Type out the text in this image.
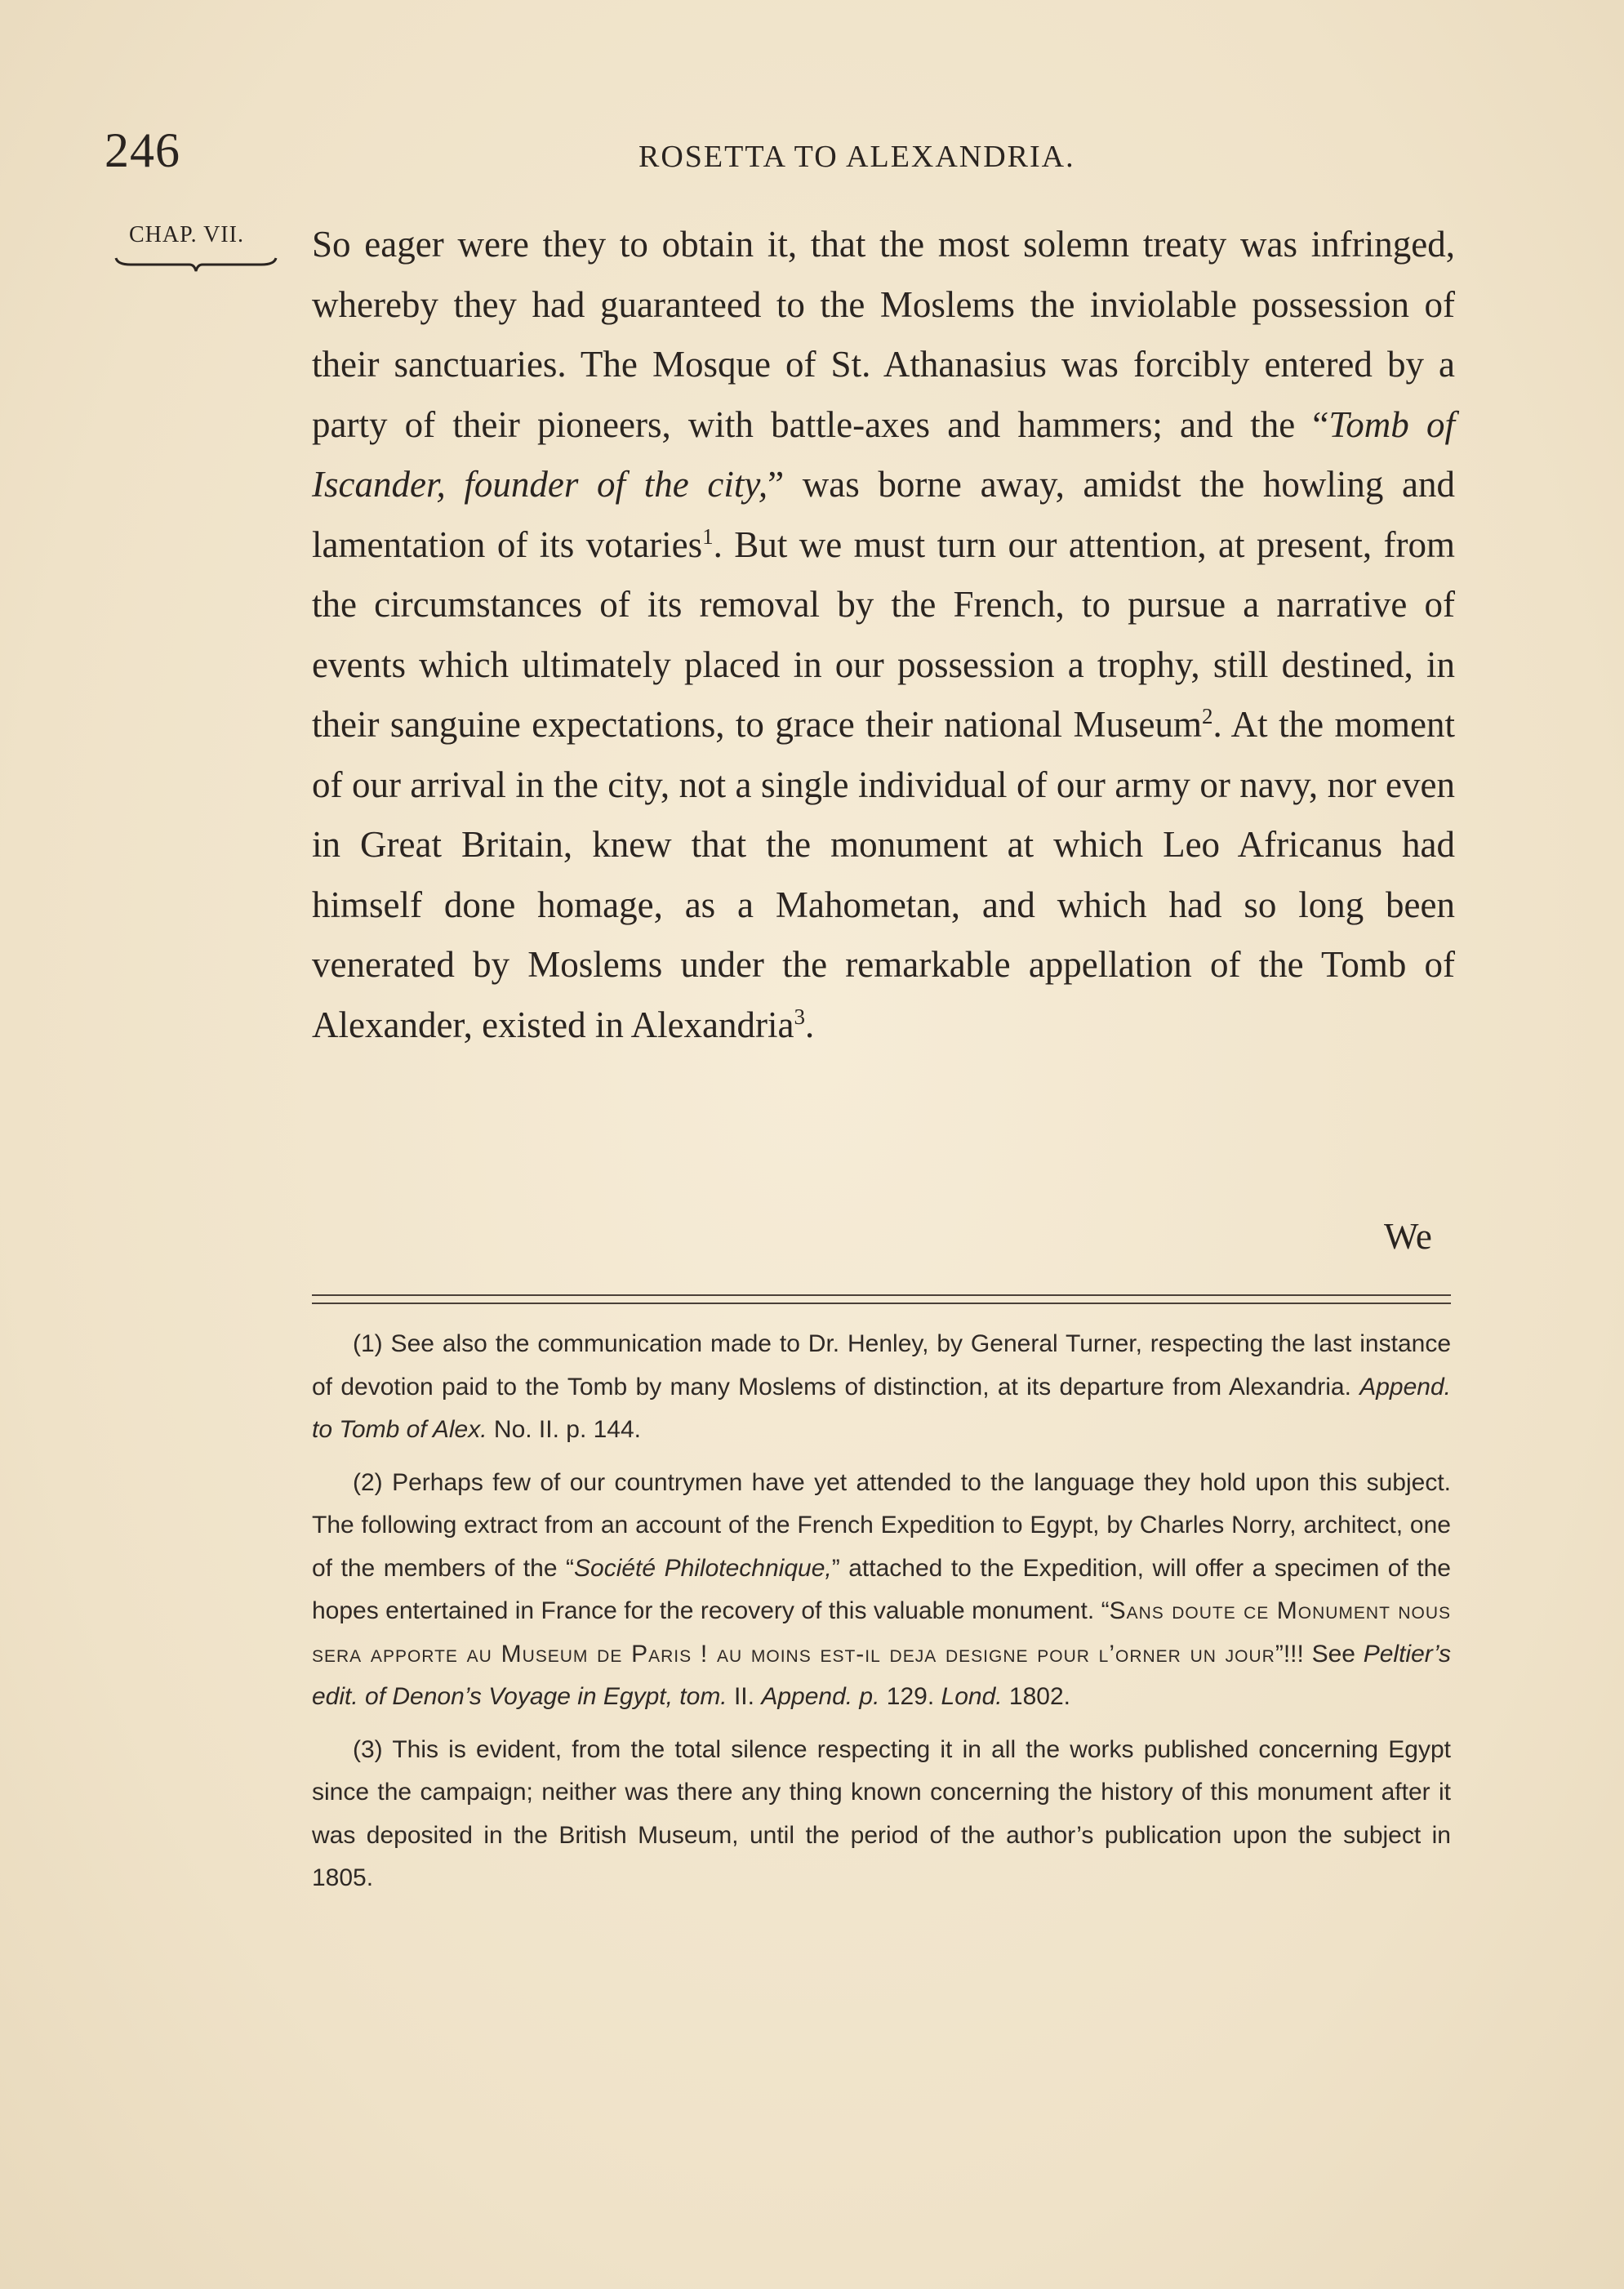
246	ROSETTA TO ALEXANDRIA.
CHAP. VII. So eager were they to obtain it, that the most solemn treaty was infringed, whereby they had guaranteed to the Moslems the inviolable possession of their sanctuaries. The Mosque of St. Athanasius was forcibly entered by a party of their pioneers, with battle-axes and hammers; and the “Tomb of Iscander, founder of the city,” was borne away, amidst the howling and lamentation of its votaries$^1$. But we must turn our attention, at present, from the circumstances of its removal by the French, to pursue a narrative of events which ultimately placed in our possession a trophy, still destined, in their sanguine expectations, to grace their national Museum$^2$. At the moment of our arrival in the city, not a single individual of our army or navy, nor even in Great Britain, knew that the monument at which Leo Africanus had himself done homage, as a Mahometan, and which had so long been venerated by Moslems under the remarkable appellation of the Tomb of Alexander, existed in Alexandria$^3$.

We

(1) See also the communication made to Dr. Henley, by General Turner, respecting the last instance of devotion paid to the Tomb by many Moslems of distinction, at its departure from Alexandria. Append. to Tomb of Alex. No. II. p. 144.

(2) Perhaps few of our countrymen have yet attended to the language they hold upon this subject. The following extract from an account of the French Expedition to Egypt, by Charles Norry, architect, one of the members of the “Société Philotechnique,” attached to the Expedition, will offer a specimen of the hopes entertained in France for the recovery of this valuable monument. “Sans doute ce Monument nous sera apporte au Museum de Paris ! au moins est-il deja designe pour l’orner un jour”!!! See Peltier’s edit. of Denon’s Voyage in Egypt, tom. II. Append. p. 129. Lond. 1802.

(3) This is evident, from the total silence respecting it in all the works published concerning Egypt since the campaign; neither was there any thing known concerning the history of this monument after it was deposited in the British Museum, until the period of the author’s publication upon the subject in 1805.
